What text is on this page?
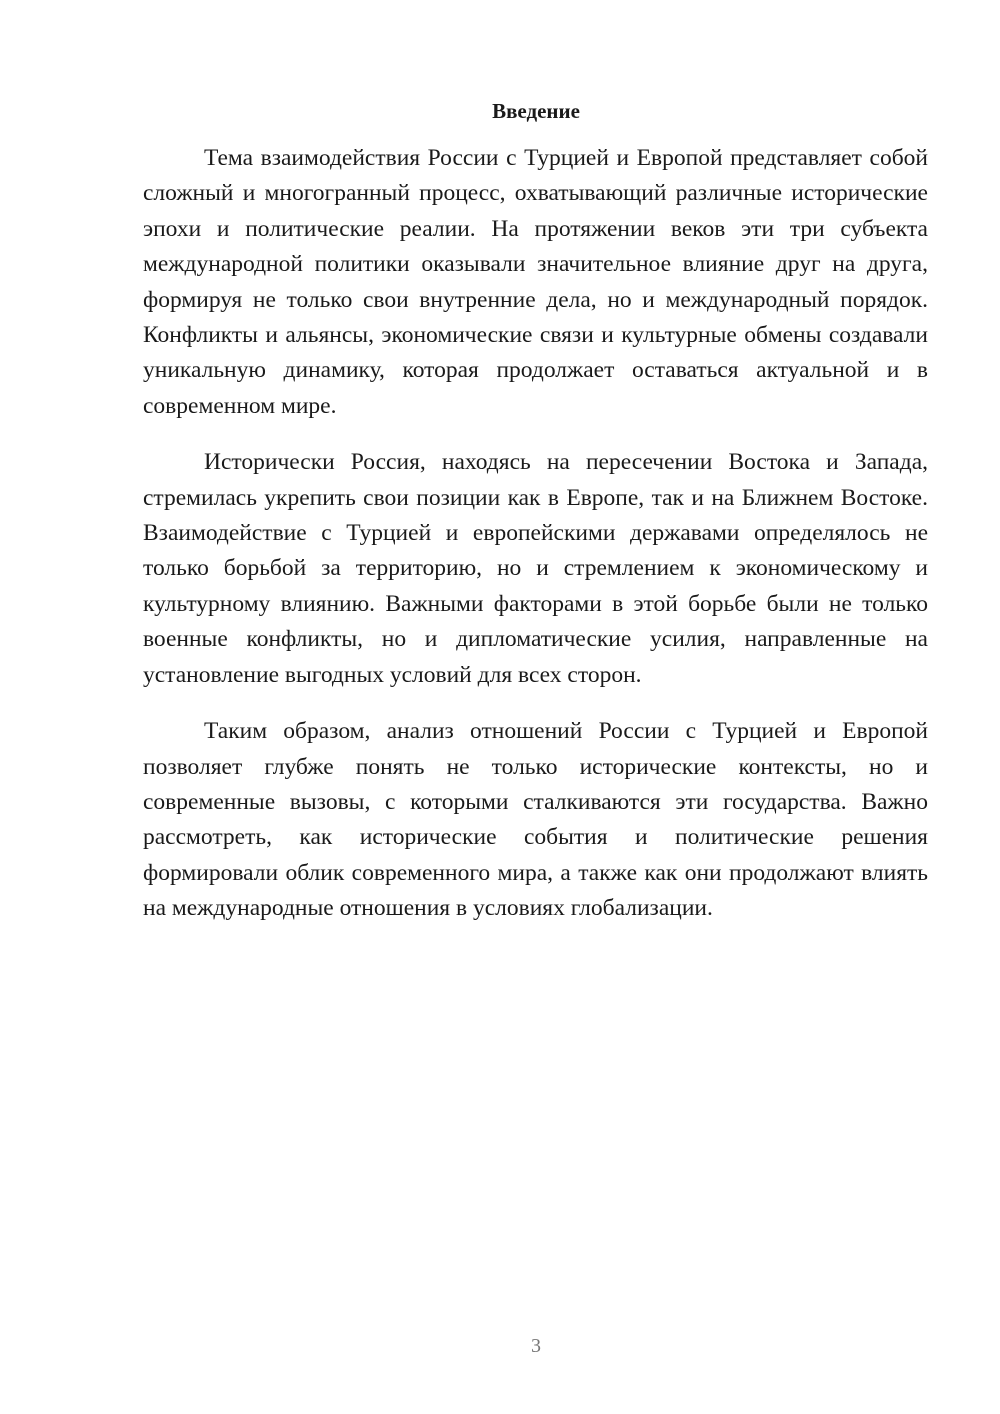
Введение

Тема взаимодействия России с Турцией и Европой представляет собой сложный и многогранный процесс, охватывающий различные исторические эпохи и политические реалии. На протяжении веков эти три субъекта международной политики оказывали значительное влияние друг на друга, формируя не только свои внутренние дела, но и международный порядок. Конфликты и альянсы, экономические связи и культурные обмены создавали уникальную динамику, которая продолжает оставаться актуальной и в современном мире.

Исторически Россия, находясь на пересечении Востока и Запада, стремилась укрепить свои позиции как в Европе, так и на Ближнем Востоке. Взаимодействие с Турцией и европейскими державами определялось не только борьбой за территорию, но и стремлением к экономическому и культурному влиянию. Важными факторами в этой борьбе были не только военные конфликты, но и дипломатические усилия, направленные на установление выгодных условий для всех сторон.

Таким образом, анализ отношений России с Турцией и Европой позволяет глубже понять не только исторические контексты, но и современные вызовы, с которыми сталкиваются эти государства. Важно рассмотреть, как исторические события и политические решения формировали облик современного мира, а также как они продолжают влиять на международные отношения в условиях глобализации.

3
